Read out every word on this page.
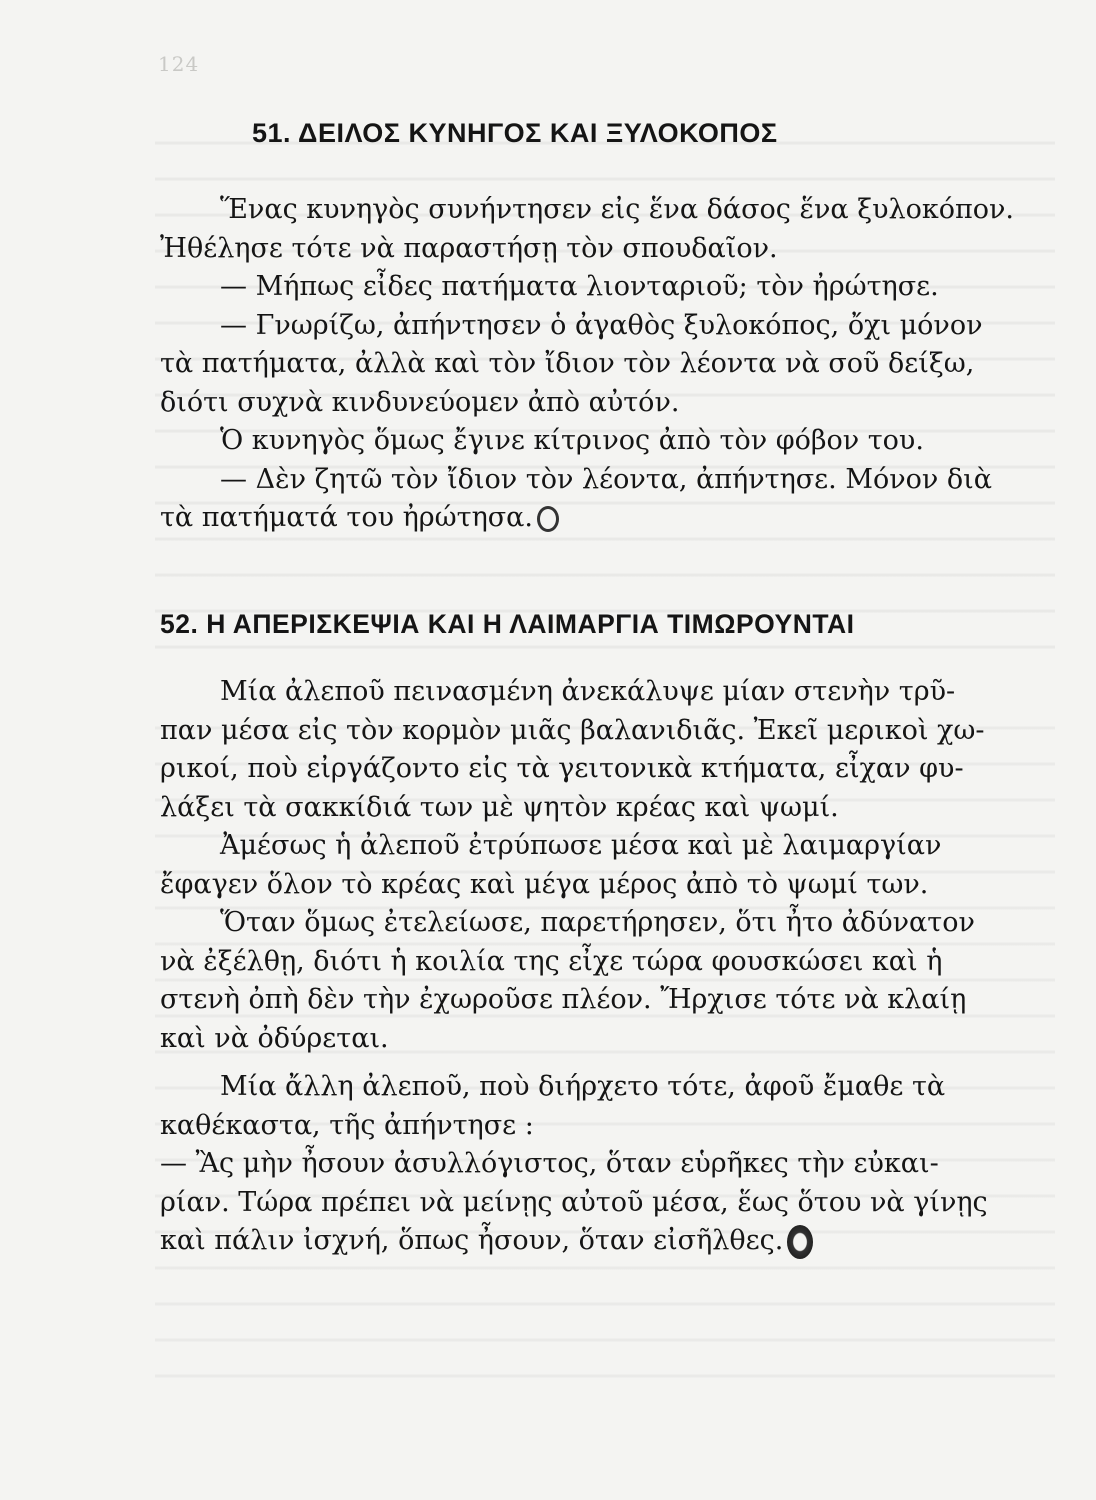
124
51. ΔΕΙΛΟΣ ΚΥΝΗΓΟΣ ΚΑΙ ΞΥΛΟΚΟΠΟΣ

Ἕνας κυνηγὸς συνήντησεν εἰς ἕνα δάσος ἕνα ξυλοκόπον.

Ἠθέλησε τότε νὰ παραστήσῃ τὸν σπουδαῖον.

— Μήπως εἶδες πατήματα λιονταριοῦ; τὸν ἠρώτησε.

— Γνωρίζω, ἀπήντησεν ὁ ἀγαθὸς ξυλοκόπος, ὄχι μόνον

τὰ πατήματα, ἀλλὰ καὶ τὸν ἴδιον τὸν λέοντα νὰ σοῦ δείξω,

διότι συχνὰ κινδυνεύομεν ἀπὸ αὐτόν.

Ὁ κυνηγὸς ὅμως ἔγινε κίτρινος ἀπὸ τὸν φόβον του.

— Δὲν ζητῶ τὸν ἴδιον τὸν λέοντα, ἀπήντησε. Μόνον διὰ

τὰ πατήματά του ἠρώτησα.

52. Η ΑΠΕΡΙΣΚΕΨΙΑ ΚΑΙ Η ΛΑΙΜΑΡΓΙΑ ΤΙΜΩΡΟΥΝΤΑΙ

Μία ἀλεποῦ πεινασμένη ἀνεκάλυψε μίαν στενὴν τρῦ-

παν μέσα εἰς τὸν κορμὸν μιᾶς βαλανιδιᾶς. Ἐκεῖ μερικοὶ χω-

ρικοί, ποὺ εἰργάζοντο εἰς τὰ γειτονικὰ κτήματα, εἶχαν φυ-

λάξει τὰ σακκίδιά των μὲ ψητὸν κρέας καὶ ψωμί.

Ἀμέσως ἡ ἀλεποῦ ἐτρύπωσε μέσα καὶ μὲ λαιμαργίαν

ἔφαγεν ὅλον τὸ κρέας καὶ μέγα μέρος ἀπὸ τὸ ψωμί των.

Ὅταν ὅμως ἐτελείωσε, παρετήρησεν, ὅτι ἦτο ἀδύνατον

νὰ ἐξέλθῃ, διότι ἡ κοιλία της εἶχε τώρα φουσκώσει καὶ ἡ

στενὴ ὀπὴ δὲν τὴν ἐχωροῦσε πλέον. Ἤρχισε τότε νὰ κλαίῃ

καὶ νὰ ὀδύρεται.

Μία ἄλλη ἀλεποῦ, ποὺ διήρχετο τότε, ἀφοῦ ἔμαθε τὰ

καθέκαστα, τῆς ἀπήντησε :

— Ἂς μὴν ἦσουν ἀσυλλόγιστος, ὅταν εὑρῆκες τὴν εὐκαι-

ρίαν. Τώρα πρέπει νὰ μείνῃς αὐτοῦ μέσα, ἕως ὅτου νὰ γίνῃς

καὶ πάλιν ἰσχνή, ὅπως ἦσουν, ὅταν εἰσῆλθες.
